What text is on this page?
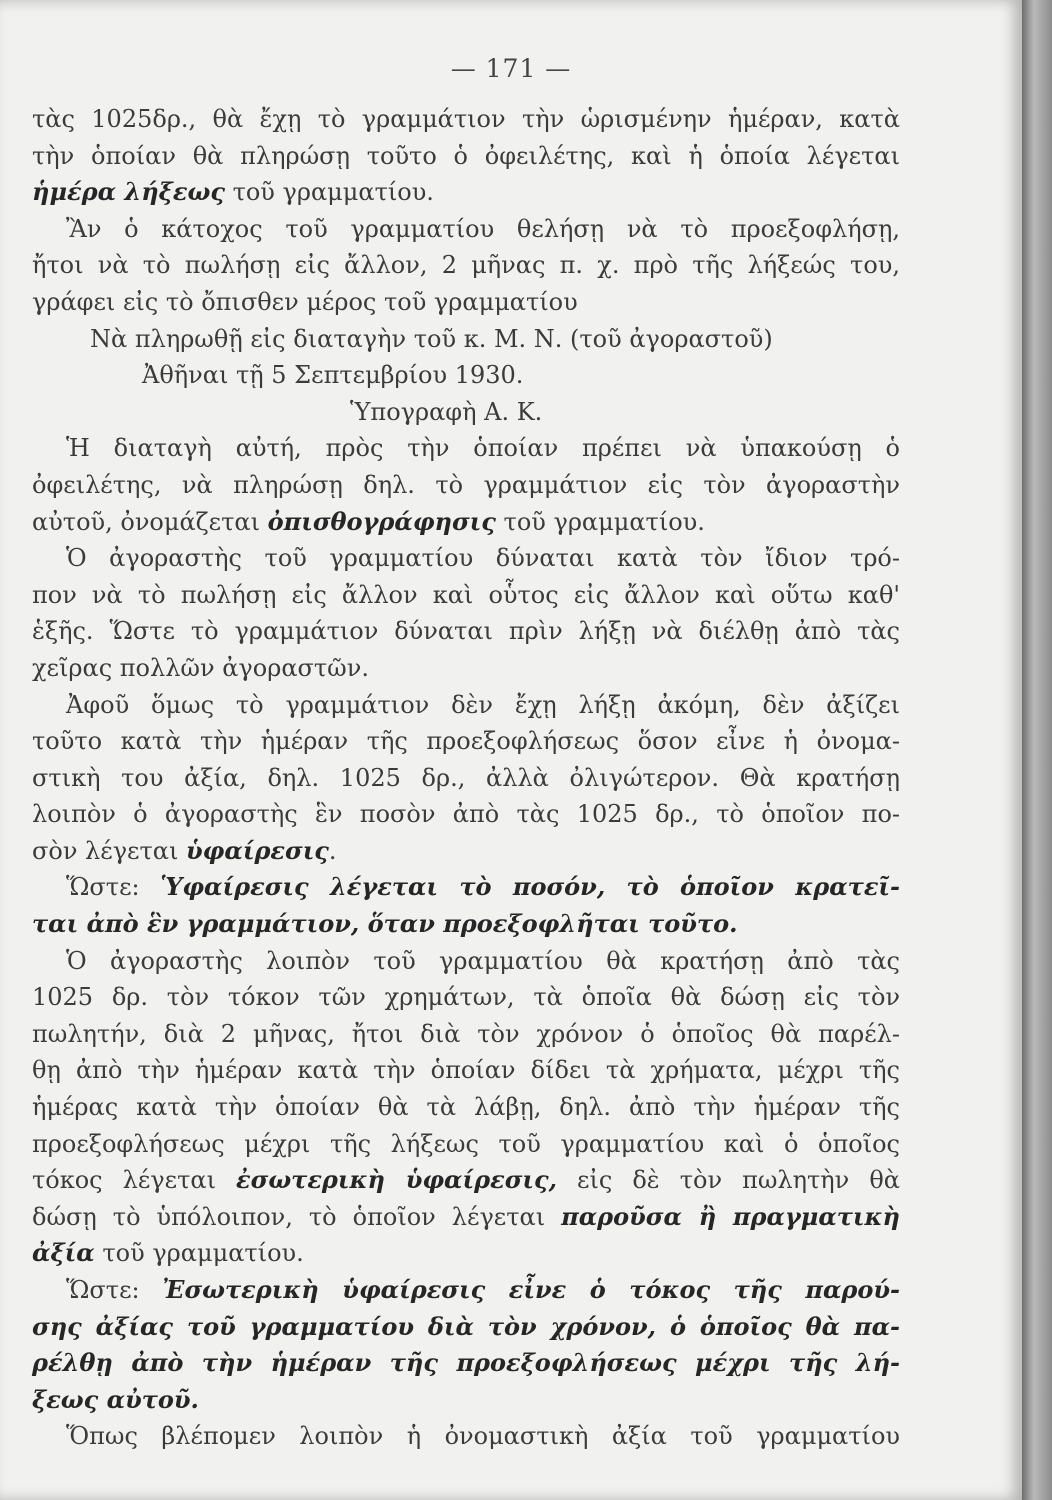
— 171 —
τὰς 1025δρ., θὰ ἔχῃ τὸ γραμμάτιον τὴν ὡρισμένην ἡμέραν, κατὰ
τὴν ὁποίαν θὰ πληρώσῃ τοῦτο ὁ ὀφειλέτης, καὶ ἡ ὁποία λέγεται
ἡμέρα λήξεως τοῦ γραμματίου.
Ἂν ὁ κάτοχος τοῦ γραμματίου θελήσῃ νὰ τὸ προεξοφλήσῃ,
ἤτοι νὰ τὸ πωλήσῃ εἰς ἄλλον, 2 μῆνας π. χ. πρὸ τῆς λήξεώς του,
γράφει εἰς τὸ ὄπισθεν μέρος τοῦ γραμματίου
Νὰ πληρωθῇ εἰς διαταγὴν τοῦ κ. Μ. Ν. (τοῦ ἀγοραστοῦ)
Ἀθῆναι τῇ 5 Σεπτεμβρίου 1930.
Ὑπογραφὴ Α. Κ.
Ἡ διαταγὴ αὐτή, πρὸς τὴν ὁποίαν πρέπει νὰ ὑπακούσῃ ὁ
ὀφειλέτης, νὰ πληρώσῃ δηλ. τὸ γραμμάτιον εἰς τὸν ἀγοραστὴν
αὐτοῦ, ὀνομάζεται ὀπισθογράφησις τοῦ γραμματίου.
Ὁ ἀγοραστὴς τοῦ γραμματίου δύναται κατὰ τὸν ἴδιον τρό-
πον νὰ τὸ πωλήσῃ εἰς ἄλλον καὶ οὗτος εἰς ἄλλον καὶ οὕτω καθ'
ἑξῆς. Ὥστε τὸ γραμμάτιον δύναται πρὶν λήξῃ νὰ διέλθῃ ἀπὸ τὰς
χεῖρας πολλῶν ἀγοραστῶν.
Ἀφοῦ ὅμως τὸ γραμμάτιον δὲν ἔχῃ λήξῃ ἀκόμη, δὲν ἀξίζει
τοῦτο κατὰ τὴν ἡμέραν τῆς προεξοφλήσεως ὅσον εἶνε ἡ ὀνομα-
στικὴ του ἀξία, δηλ. 1025 δρ., ἀλλὰ ὀλιγώτερον. Θὰ κρατήσῃ
λοιπὸν ὁ ἀγοραστὴς ἓν ποσὸν ἀπὸ τὰς 1025 δρ., τὸ ὁποῖον πο-
σὸν λέγεται ὑφαίρεσις.
Ὥστε: Ὑφαίρεσις λέγεται τὸ ποσόν, τὸ ὁποῖον κρατεῖ-
ται ἀπὸ ἓν γραμμάτιον, ὅταν προεξοφλῆται τοῦτο.
Ὁ ἀγοραστὴς λοιπὸν τοῦ γραμματίου θὰ κρατήσῃ ἀπὸ τὰς
1025 δρ. τὸν τόκον τῶν χρημάτων, τὰ ὁποῖα θὰ δώσῃ εἰς τὸν
πωλητήν, διὰ 2 μῆνας, ἤτοι διὰ τὸν χρόνον ὁ ὁποῖος θὰ παρέλ-
θῃ ἀπὸ τὴν ἡμέραν κατὰ τὴν ὁποίαν δίδει τὰ χρήματα, μέχρι τῆς
ἡμέρας κατὰ τὴν ὁποίαν θὰ τὰ λάβῃ, δηλ. ἀπὸ τὴν ἡμέραν τῆς
προεξοφλήσεως μέχρι τῆς λήξεως τοῦ γραμματίου καὶ ὁ ὁποῖος
τόκος λέγεται ἐσωτερικὴ ὑφαίρεσις, εἰς δὲ τὸν πωλητὴν θὰ
δώσῃ τὸ ὑπόλοιπον, τὸ ὁποῖον λέγεται παροῦσα ἢ πραγματικὴ
ἀξία τοῦ γραμματίου.
Ὥστε: Ἐσωτερικὴ ὑφαίρεσις εἶνε ὁ τόκος τῆς παρού-
σης ἀξίας τοῦ γραμματίου διὰ τὸν χρόνον, ὁ ὁποῖος θὰ πα-
ρέλθῃ ἀπὸ τὴν ἡμέραν τῆς προεξοφλήσεως μέχρι τῆς λή-
ξεως αὐτοῦ.
Ὅπως βλέπομεν λοιπὸν ἡ ὀνομαστικὴ ἀξία τοῦ γραμματίου
